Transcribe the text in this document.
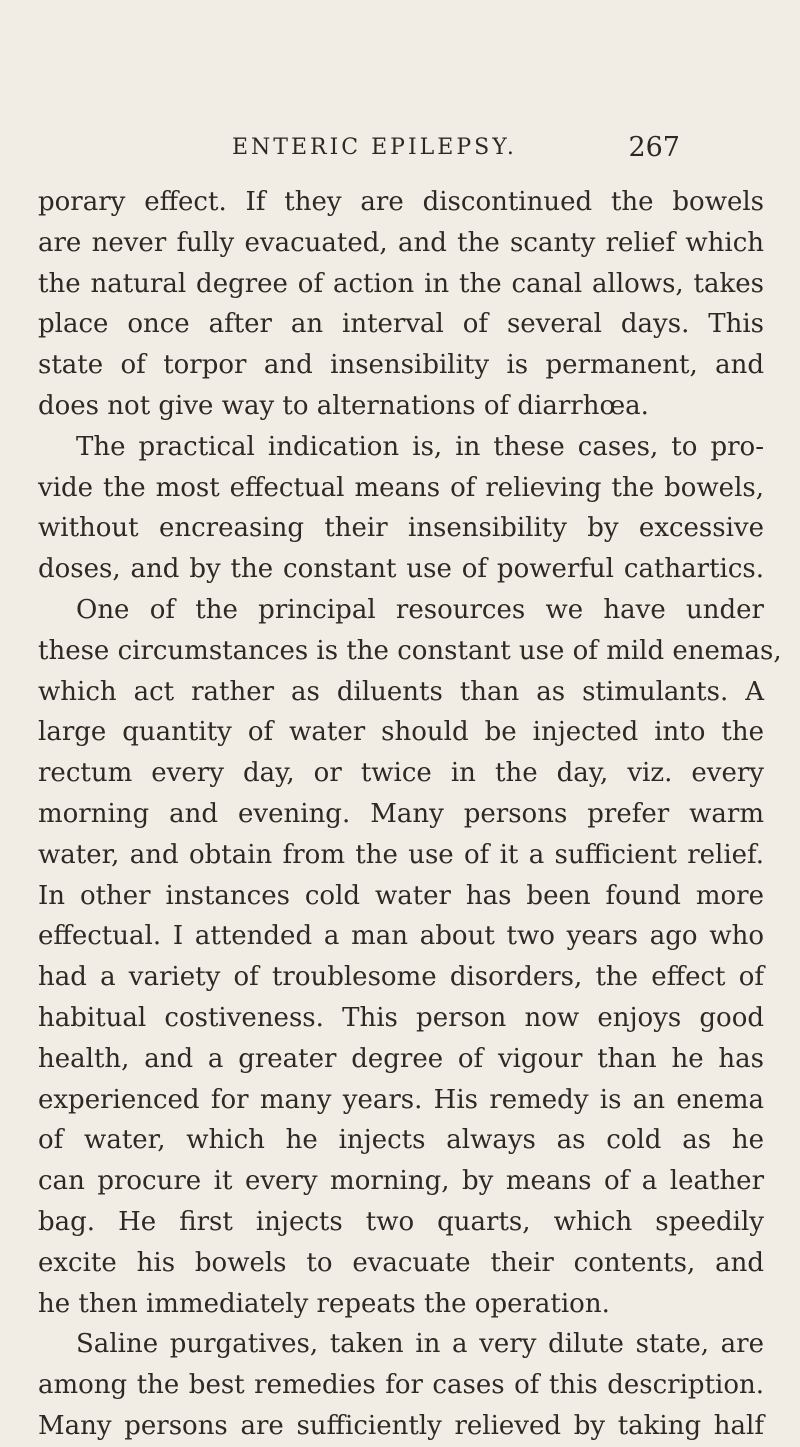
ENTERIC EPILEPSY.	267
porary effect. If they are discontinued the bowels
are never fully evacuated, and the scanty relief which
the natural degree of action in the canal allows, takes
place once after an interval of several days. This
state of torpor and insensibility is permanent, and
does not give way to alternations of diarrhœa.
The practical indication is, in these cases, to pro-
vide the most effectual means of relieving the bowels,
without encreasing their insensibility by excessive
doses, and by the constant use of powerful cathartics.
One of the principal resources we have under
these circumstances is the constant use of mild enemas,
which act rather as diluents than as stimulants. A
large quantity of water should be injected into the
rectum every day, or twice in the day, viz. every
morning and evening. Many persons prefer warm
water, and obtain from the use of it a sufficient relief.
In other instances cold water has been found more
effectual. I attended a man about two years ago who
had a variety of troublesome disorders, the effect of
habitual costiveness. This person now enjoys good
health, and a greater degree of vigour than he has
experienced for many years. His remedy is an enema
of water, which he injects always as cold as he
can procure it every morning, by means of a leather
bag. He first injects two quarts, which speedily
excite his bowels to evacuate their contents, and
he then immediately repeats the operation.
Saline purgatives, taken in a very dilute state, are
among the best remedies for cases of this description.
Many persons are sufficiently relieved by taking half
